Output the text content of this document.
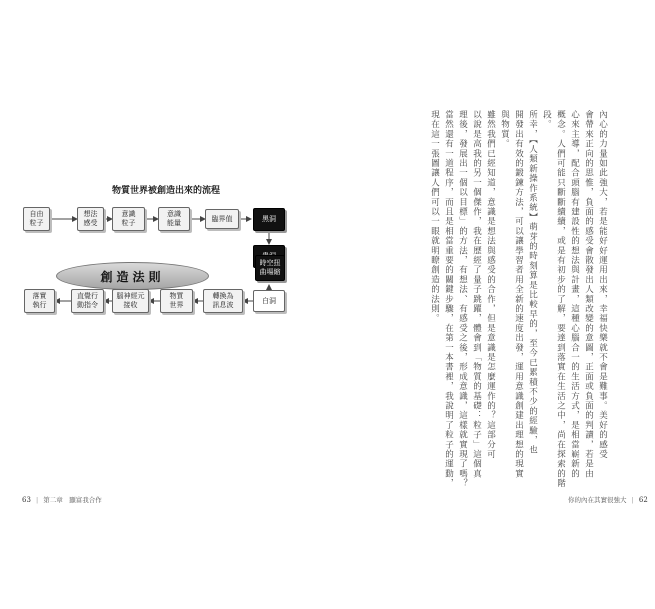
物質世界被創造出來的流程
自由粒子
想法感受
意識粒子
意識能量
臨界值	黑洞
創造法則
白洞
轉換為訊息波
物質世界
腦神經元接收
直覺行動指令
落實執行
時空扭曲場縮	內心的力量如此強大，若是能好好運用出來，幸福快樂就不會是難事。美好的感受
會帶來正向的思惟，負面的感受會散發出人類改變的意圖，正面或負面的判讀，若是由
心來主導，配合頭腦有建設性的想法與計畫，這種心腦合一的生活方式，是相當嶄新的
概念。人們可能只斷斷續續，或是有初步的了解，要達到落實在生活之中，尚在探索的階
段。
所幸，【人類新操作系統】萌芽的時刻算是比較早的，至今已累積不少的經驗，也
開發出有效的鍛鍊方法，可以讓學習者用全新的速度出發，運用意識創建出理想的現實
與物質。
雖然我們已經知道，意識是想法與感受的合作，但是意識是怎麼運作的？這部分可
以說是高我的另一個傑作，我在歷經了量子跳躍，體會到「物質的基礎：粒子」這個真
理後，發展出一個以目標」的方法，有想法、有感受之後，形成意識，這樣就實現了嗎？
當然還有一道程序，而且是相當重要的關鍵步驟，在第一本書裡，我說明了粒子的運動，
現在這一張圖讓人們可以一眼就明瞭創造的法則。
63 | 第二章　顯富我合作	你的內在其實很強大 | 62
